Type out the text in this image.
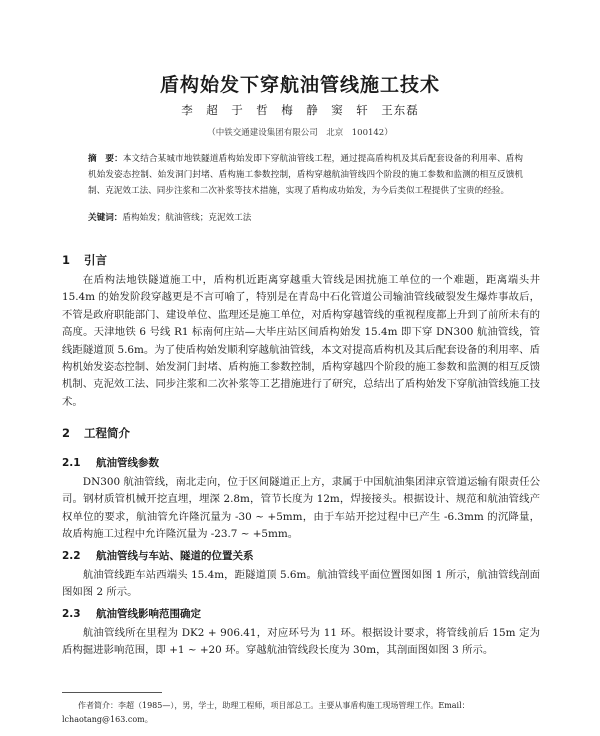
盾构始发下穿航油管线施工技术
李　超　于　哲　梅　静　窦　轩　王东磊
（中铁交通建设集团有限公司　北京　100142）
摘　要：本文结合某城市地铁隧道盾构始发即下穿航油管线工程，通过提高盾构机及其后配套设备的利用率、盾构机始发姿态控制、始发洞门封堵、盾构施工参数控制，盾构穿越航油管线四个阶段的施工参数和监测的相互反馈机制、克泥效工法、同步注浆和二次补浆等技术措施，实现了盾构成功始发，为今后类似工程提供了宝贵的经验。
关键词：盾构始发；航油管线；克泥效工法
1 引言
在盾构法地铁隧道施工中，盾构机近距离穿越重大管线是困扰施工单位的一个难题，距离端头井 15.4m 的始发阶段穿越更是不言可喻了，特别是在青岛中石化管道公司输油管线破裂发生爆炸事故后，不管是政府职能部门、建设单位、监理还是施工单位，对盾构穿越管线的重视程度都上升到了前所未有的高度。天津地铁 6 号线 R1 标南何庄站—大毕庄站区间盾构始发 15.4m 即下穿 DN300 航油管线，管线距隧道顶 5.6m。为了使盾构始发顺利穿越航油管线，本文对提高盾构机及其后配套设备的利用率、盾构机始发姿态控制、始发洞门封堵、盾构施工参数控制，盾构穿越四个阶段的施工参数和监测的相互反馈机制、克泥效工法、同步注浆和二次补浆等工艺措施进行了研究，总结出了盾构始发下穿航油管线施工技术。
2 工程简介
2.1 航油管线参数
DN300 航油管线，南北走向，位于区间隧道正上方，隶属于中国航油集团津京管道运输有限责任公司。钢材质管机械开挖直埋，埋深 2.8m，管节长度为 12m，焊接接头。根据设计、规范和航油管线产权单位的要求，航油管允许隆沉量为 -30 ~ +5mm，由于车站开挖过程中已产生 -6.3mm 的沉降量，故盾构施工过程中允许隆沉量为 -23.7 ~ +5mm。
2.2 航油管线与车站、隧道的位置关系
航油管线距车站西端头 15.4m，距隧道顶 5.6m。航油管线平面位置图如图 1 所示，航油管线剖面图如图 2 所示。
2.3 航油管线影响范围确定
航油管线所在里程为 DK2 + 906.41，对应环号为 11 环。根据设计要求，将管线前后 15m 定为盾构掘进影响范围，即 +1 ~ +20 环。穿越航油管线段长度为 30m，其剖面图如图 3 所示。
作者简介：李超（1985—），男，学士，助理工程师，项目部总工。主要从事盾构施工现场管理工作。Email：lchaotang@163.com。
